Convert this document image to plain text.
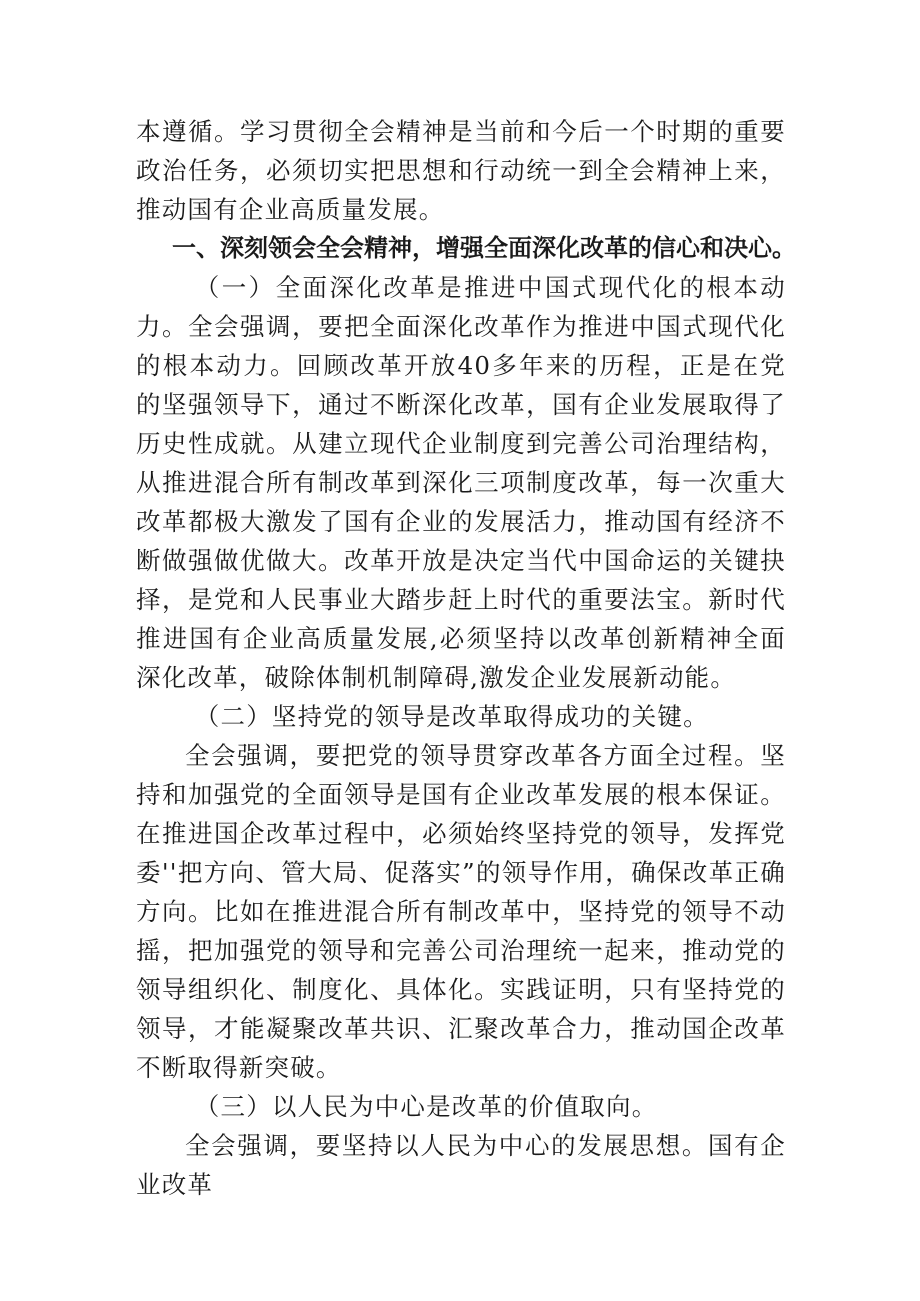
本遵循。学习贯彻全会精神是当前和今后一个时期的重要政治任务，必须切实把思想和行动统一到全会精神上来，推动国有企业高质量发展。

一、深刻领会全会精神，增强全面深化改革的信心和决心。

（一）全面深化改革是推进中国式现代化的根本动力。全会强调，要把全面深化改革作为推进中国式现代化的根本动力。回顾改革开放40多年来的历程，正是在党的坚强领导下，通过不断深化改革，国有企业发展取得了历史性成就。从建立现代企业制度到完善公司治理结构，从推进混合所有制改革到深化三项制度改革，每一次重大改革都极大激发了国有企业的发展活力，推动国有经济不断做强做优做大。改革开放是决定当代中国命运的关键抉择，是党和人民事业大踏步赶上时代的重要法宝。新时代推进国有企业高质量发展,必须坚持以改革创新精神全面深化改革，破除体制机制障碍,激发企业发展新动能。

（二）坚持党的领导是改革取得成功的关键。

全会强调，要把党的领导贯穿改革各方面全过程。坚持和加强党的全面领导是国有企业改革发展的根本保证。在推进国企改革过程中，必须始终坚持党的领导，发挥党委''把方向、管大局、促落实”的领导作用，确保改革正确方向。比如在推进混合所有制改革中，坚持党的领导不动摇，把加强党的领导和完善公司治理统一起来，推动党的领导组织化、制度化、具体化。实践证明，只有坚持党的领导，才能凝聚改革共识、汇聚改革合力，推动国企改革不断取得新突破。

（三）以人民为中心是改革的价值取向。

全会强调，要坚持以人民为中心的发展思想。国有企业改革
